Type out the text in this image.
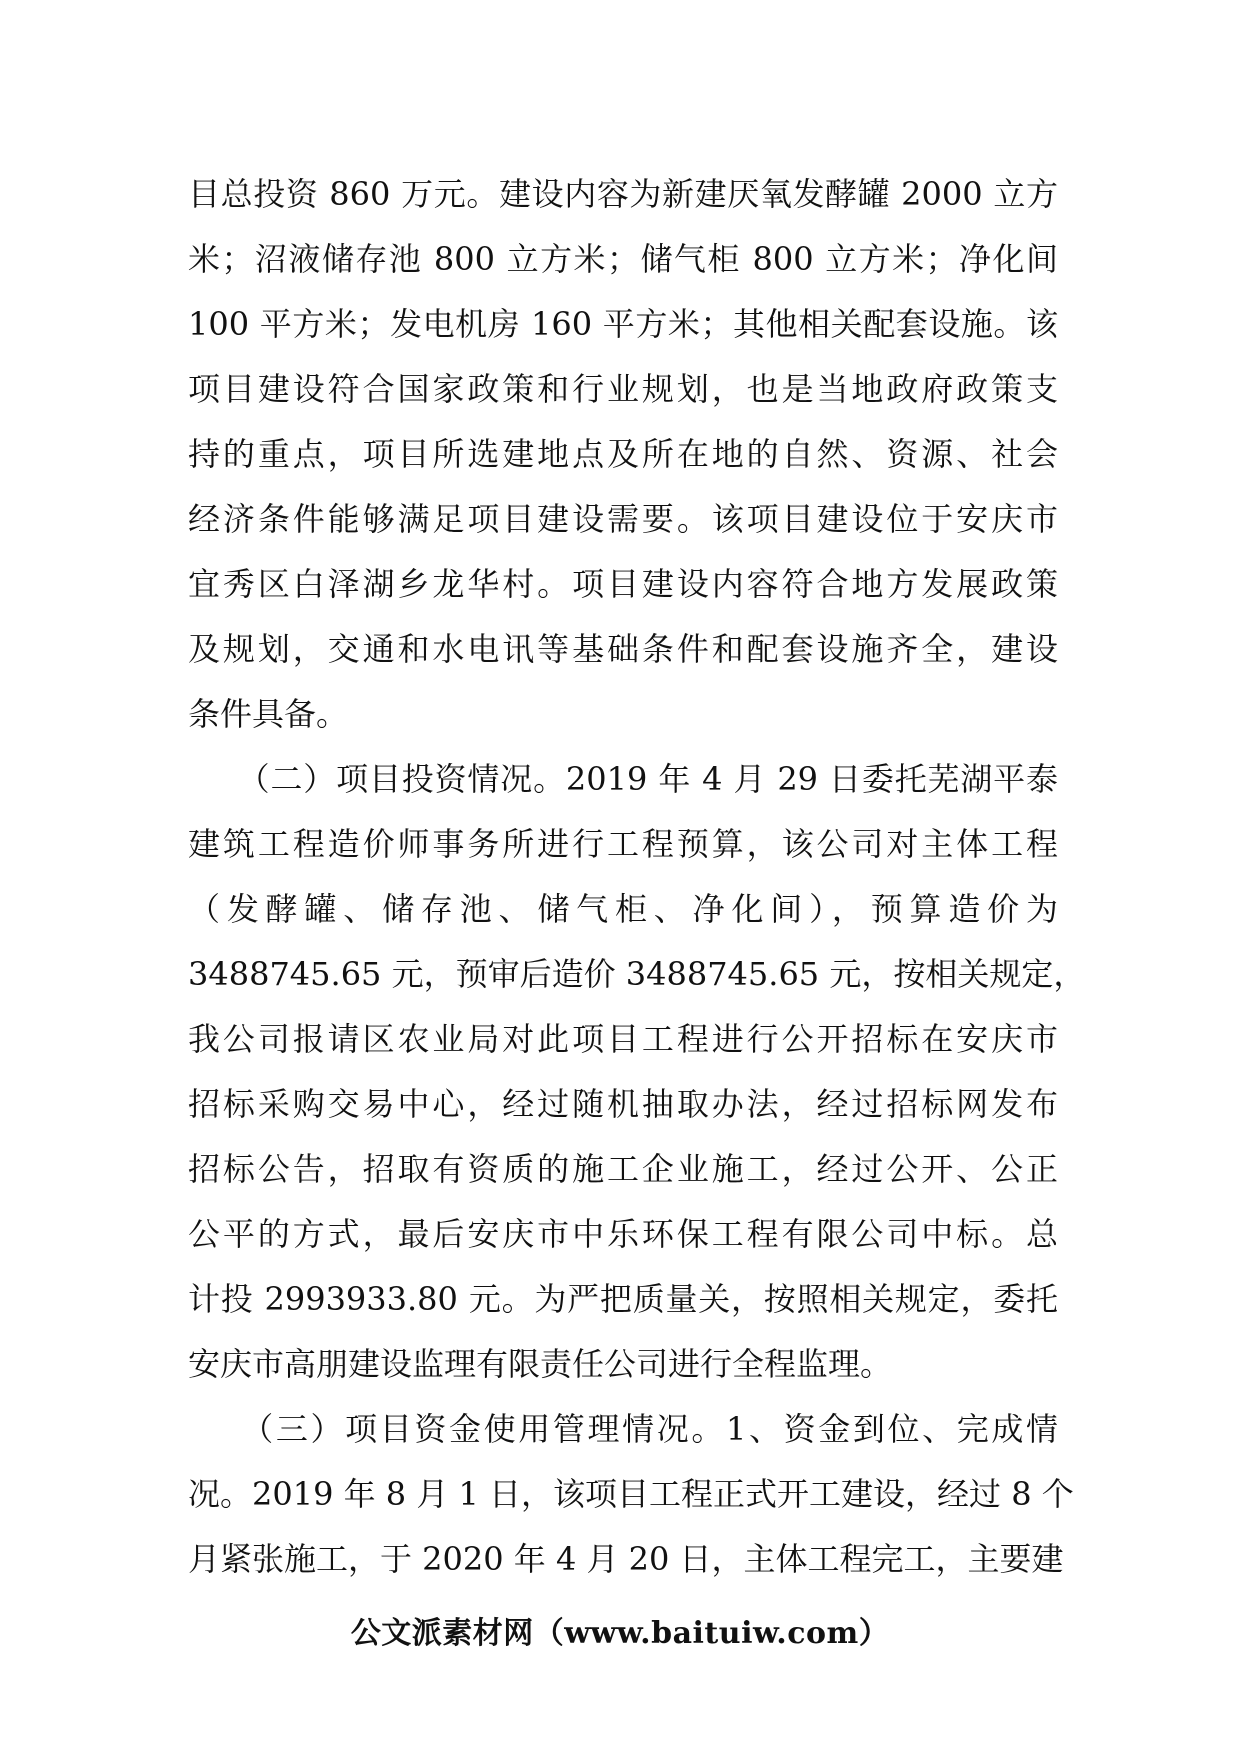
目总投资 860 万元。建设内容为新建厌氧发酵罐 2000 立方
米；沼液储存池 800 立方米；储气柜 800 立方米；净化间
100 平方米；发电机房 160 平方米；其他相关配套设施。该
项目建设符合国家政策和行业规划，也是当地政府政策支
持的重点，项目所选建地点及所在地的自然、资源、社会
经济条件能够满足项目建设需要。该项目建设位于安庆市
宜秀区白泽湖乡龙华村。项目建设内容符合地方发展政策
及规划，交通和水电讯等基础条件和配套设施齐全，建设
条件具备。
　　（二）项目投资情况。2019 年 4 月 29 日委托芜湖平泰
建筑工程造价师事务所进行工程预算，该公司对主体工程
（发酵罐、储存池、储气柜、净化间），预算造价为
3488745.65 元，预审后造价 3488745.65 元，按相关规定，
我公司报请区农业局对此项目工程进行公开招标在安庆市
招标采购交易中心，经过随机抽取办法，经过招标网发布
招标公告，招取有资质的施工企业施工，经过公开、公正
公平的方式，最后安庆市中乐环保工程有限公司中标。总
计投 2993933.80 元。为严把质量关，按照相关规定，委托
安庆市高朋建设监理有限责任公司进行全程监理。
　　（三）项目资金使用管理情况。1、资金到位、完成情
况。2019 年 8 月 1 日，该项目工程正式开工建设，经过 8 个
月紧张施工，于 2020 年 4 月 20 日，主体工程完工，主要建
公文派素材网（www.baituiw.com）
